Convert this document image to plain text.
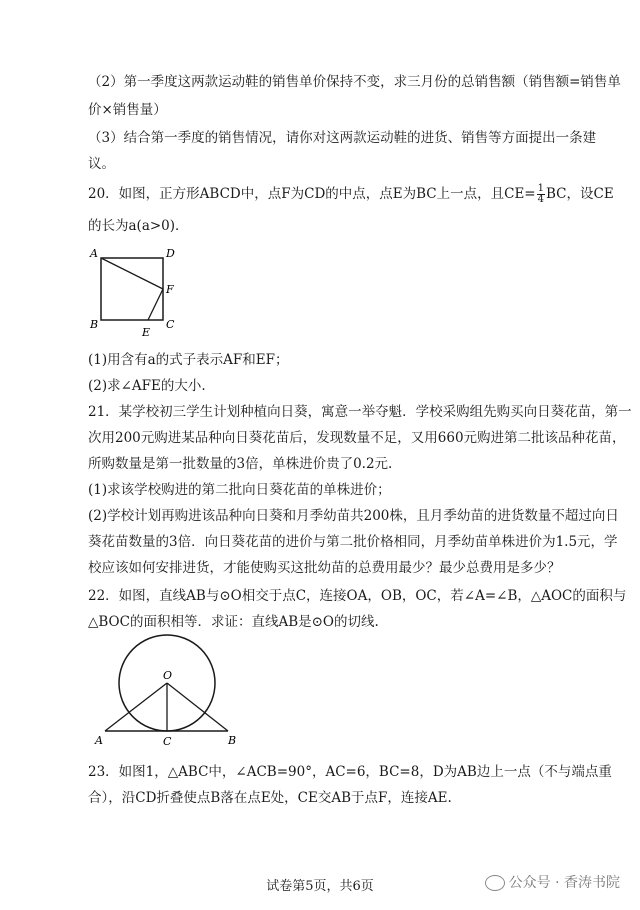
（2）第一季度这两款运动鞋的销售单价保持不变，求三月份的总销售额（销售额=销售单
价×销售量）
（3）结合第一季度的销售情况，请你对这两款运动鞋的进货、销售等方面提出一条建
议。
20．如图，正方形ABCD中，点F为CD的中点，点E为BC上一点，且$CE= \frac{1}{4}$ BC，设CE
的长为a(a>0)．
A	D
F
B
E
C
(1)用含有a的式子表示AF和EF；
(2)求∠AFE的大小.
21．某学校初三学生计划种植向日葵，寓意一举夺魁．学校采购组先购买向日葵花苗，第一
次用200元购进某品种向日葵花苗后，发现数量不足，又用660元购进第二批该品种花苗，
所购数量是第一批数量的3倍，单株进价贵了0.2元.
(1)求该学校购进的第二批向日葵花苗的单株进价；
(2)学校计划再购进该品种向日葵和月季幼苗共200株，且月季幼苗的进货数量不超过向日
葵花苗数量的3倍．向日葵花苗的进价与第二批价格相同，月季幼苗单株进价为1.5元，学
校应该如何安排进货，才能使购买这批幼苗的总费用最少？最少总费用是多少？
22．如图，直线AB与⊙O相交于点C，连接OA，OB，OC，若∠A=∠B，△AOC的面积与
△BOC的面积相等．求证：直线AB是⊙O的切线.
O
A	C	B
23．如图1，△ABC中，∠ACB=90°，AC=6，BC=8，D为AB边上一点（不与端点重
合），沿CD折叠使点B落在点E处，CE交AB于点F，连接AE.
试卷第5页，共6页	公众号 · 香涛书院
